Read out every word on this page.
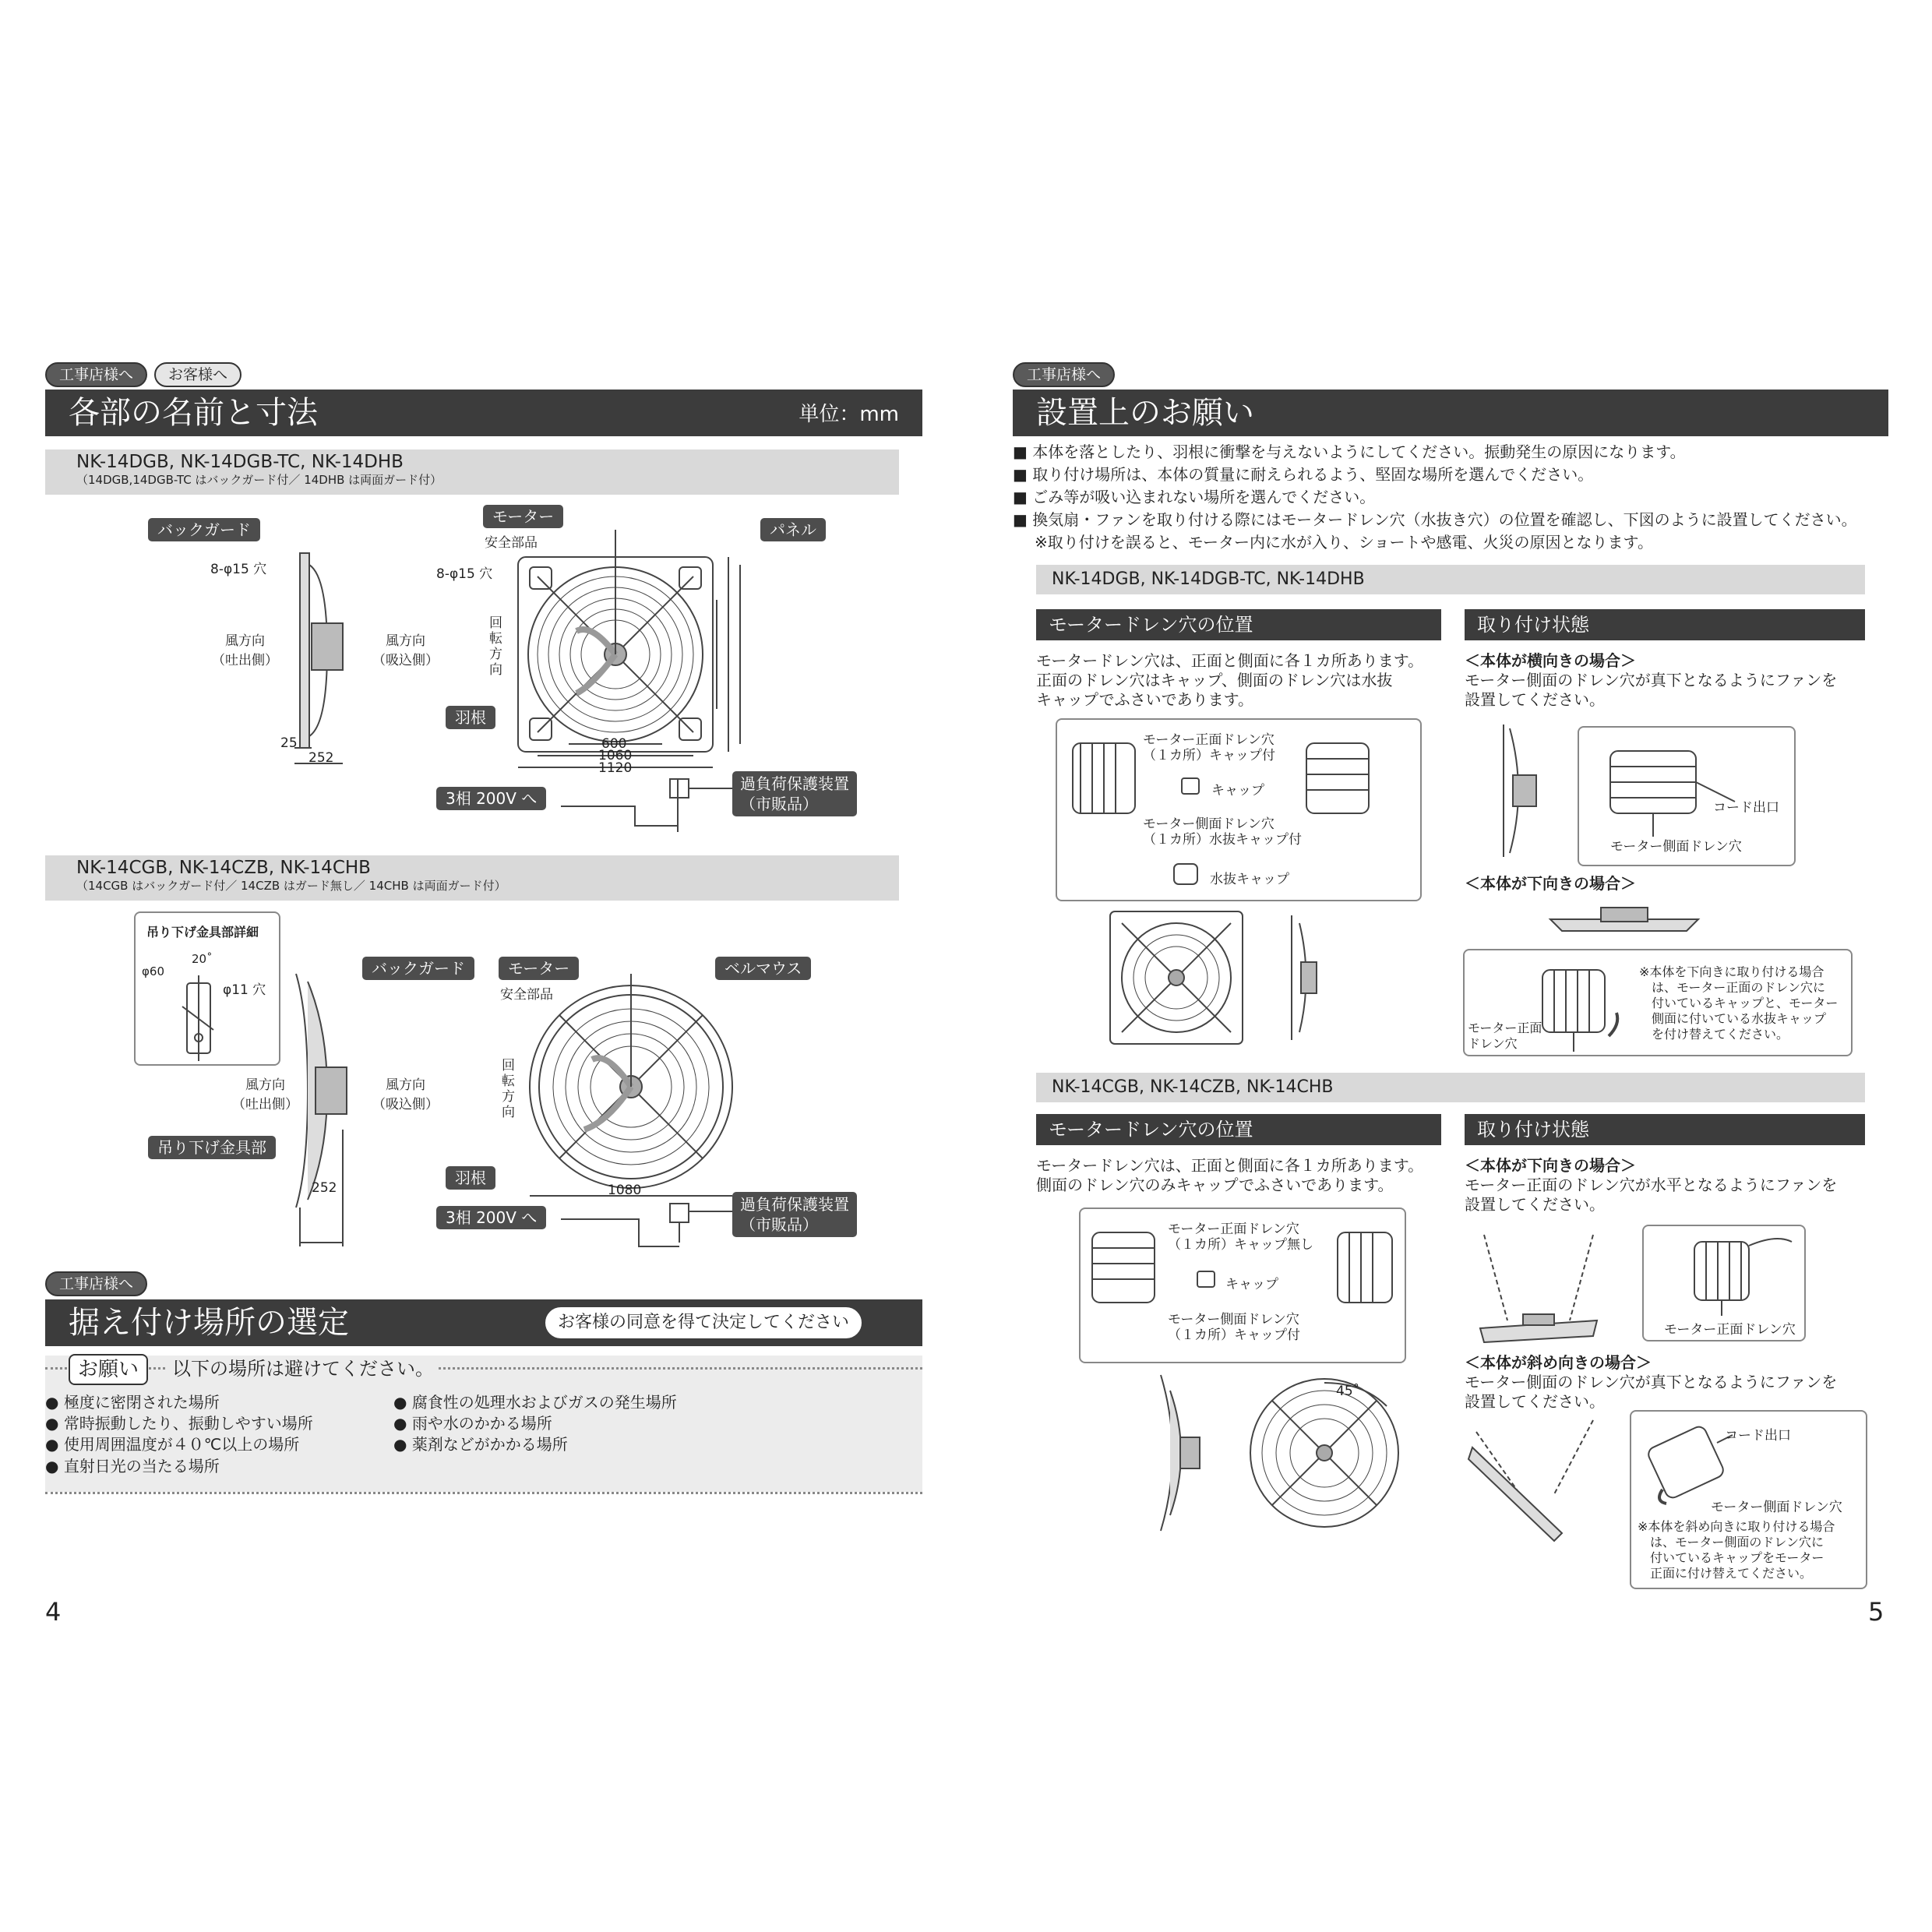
工事店様へ	お客様へ
各部の名前と寸法	単位：mm
NK-14DGB, NK-14DGB-TC, NK-14DHB
（14DGB,14DGB-TC はバックガード付／ 14DHB は両面ガード付）
バックガード
8-φ15 穴
風方向
（吐出側）
風方向
（吸込側）
25
252
モーター
安全部品
パネル
8-φ15 穴
回
転
方
向
羽根
600
1060
1120
3相 200V へ
過負荷保護装置
（市販品）
NK-14CGB, NK-14CZB, NK-14CHB
（14CGB はバックガード付／ 14CZB はガード無し／ 14CHB は両面ガード付）
吊り下げ金具部詳細
20˚
φ60
φ11 穴
バックガード
風方向
（吐出側）
風方向
（吸込側）
吊り下げ金具部
252
モーター
安全部品
ベルマウス
回
転
方
向
羽根
1080
3相 200V へ
過負荷保護装置
（市販品）
工事店様へ
据え付け場所の選定	お客様の同意を得て決定してください
お願い	以下の場所は避けてください。
● 極度に密閉された場所
● 常時振動したり、振動しやすい場所
● 使用周囲温度が４０℃以上の場所
● 直射日光の当たる場所
● 腐食性の処理水およびガスの発生場所
● 雨や水のかかる場所
● 薬剤などがかかる場所
4
工事店様へ
設置上のお願い
■ 本体を落としたり、羽根に衝撃を与えないようにしてください。振動発生の原因になります。
■ 取り付け場所は、本体の質量に耐えられるよう、堅固な場所を選んでください。
■ ごみ等が吸い込まれない場所を選んでください。
■ 換気扇・ファンを取り付ける際にはモータードレン穴（水抜き穴）の位置を確認し、下図のように設置してください。
※取り付けを誤ると、モーター内に水が入り、ショートや感電、火災の原因となります。
NK-14DGB, NK-14DGB-TC, NK-14DHB
モータードレン穴の位置	取り付け状態
モータードレン穴は、正面と側面に各１カ所あります。
正面のドレン穴はキャップ、側面のドレン穴は水抜
キャップでふさいであります。
モーター正面ドレン穴
（１カ所）キャップ付
キャップ
モーター側面ドレン穴
（１カ所）水抜キャップ付
水抜キャップ
＜本体が横向きの場合＞
モーター側面のドレン穴が真下となるようにファンを
設置してください。
コード出口
モーター側面ドレン穴
＜本体が下向きの場合＞
※本体を下向きに取り付ける場合
　は、モーター正面のドレン穴に
　付いているキャップと、モーター
　側面に付いている水抜キャップ
　を付け替えてください。
モーター正面
ドレン穴
NK-14CGB, NK-14CZB, NK-14CHB
モータードレン穴の位置	取り付け状態
モータードレン穴は、正面と側面に各１カ所あります。
側面のドレン穴のみキャップでふさいであります。
モーター正面ドレン穴
（１カ所）キャップ無し
キャップ
モーター側面ドレン穴
（１カ所）キャップ付
45˚
＜本体が下向きの場合＞
モーター正面のドレン穴が水平となるようにファンを
設置してください。
モーター正面ドレン穴
＜本体が斜め向きの場合＞
モーター側面のドレン穴が真下となるようにファンを
設置してください。
コード出口
モーター側面ドレン穴
※本体を斜め向きに取り付ける場合
　は、モーター側面のドレン穴に
　付いているキャップをモーター
　正面に付け替えてください。
5
